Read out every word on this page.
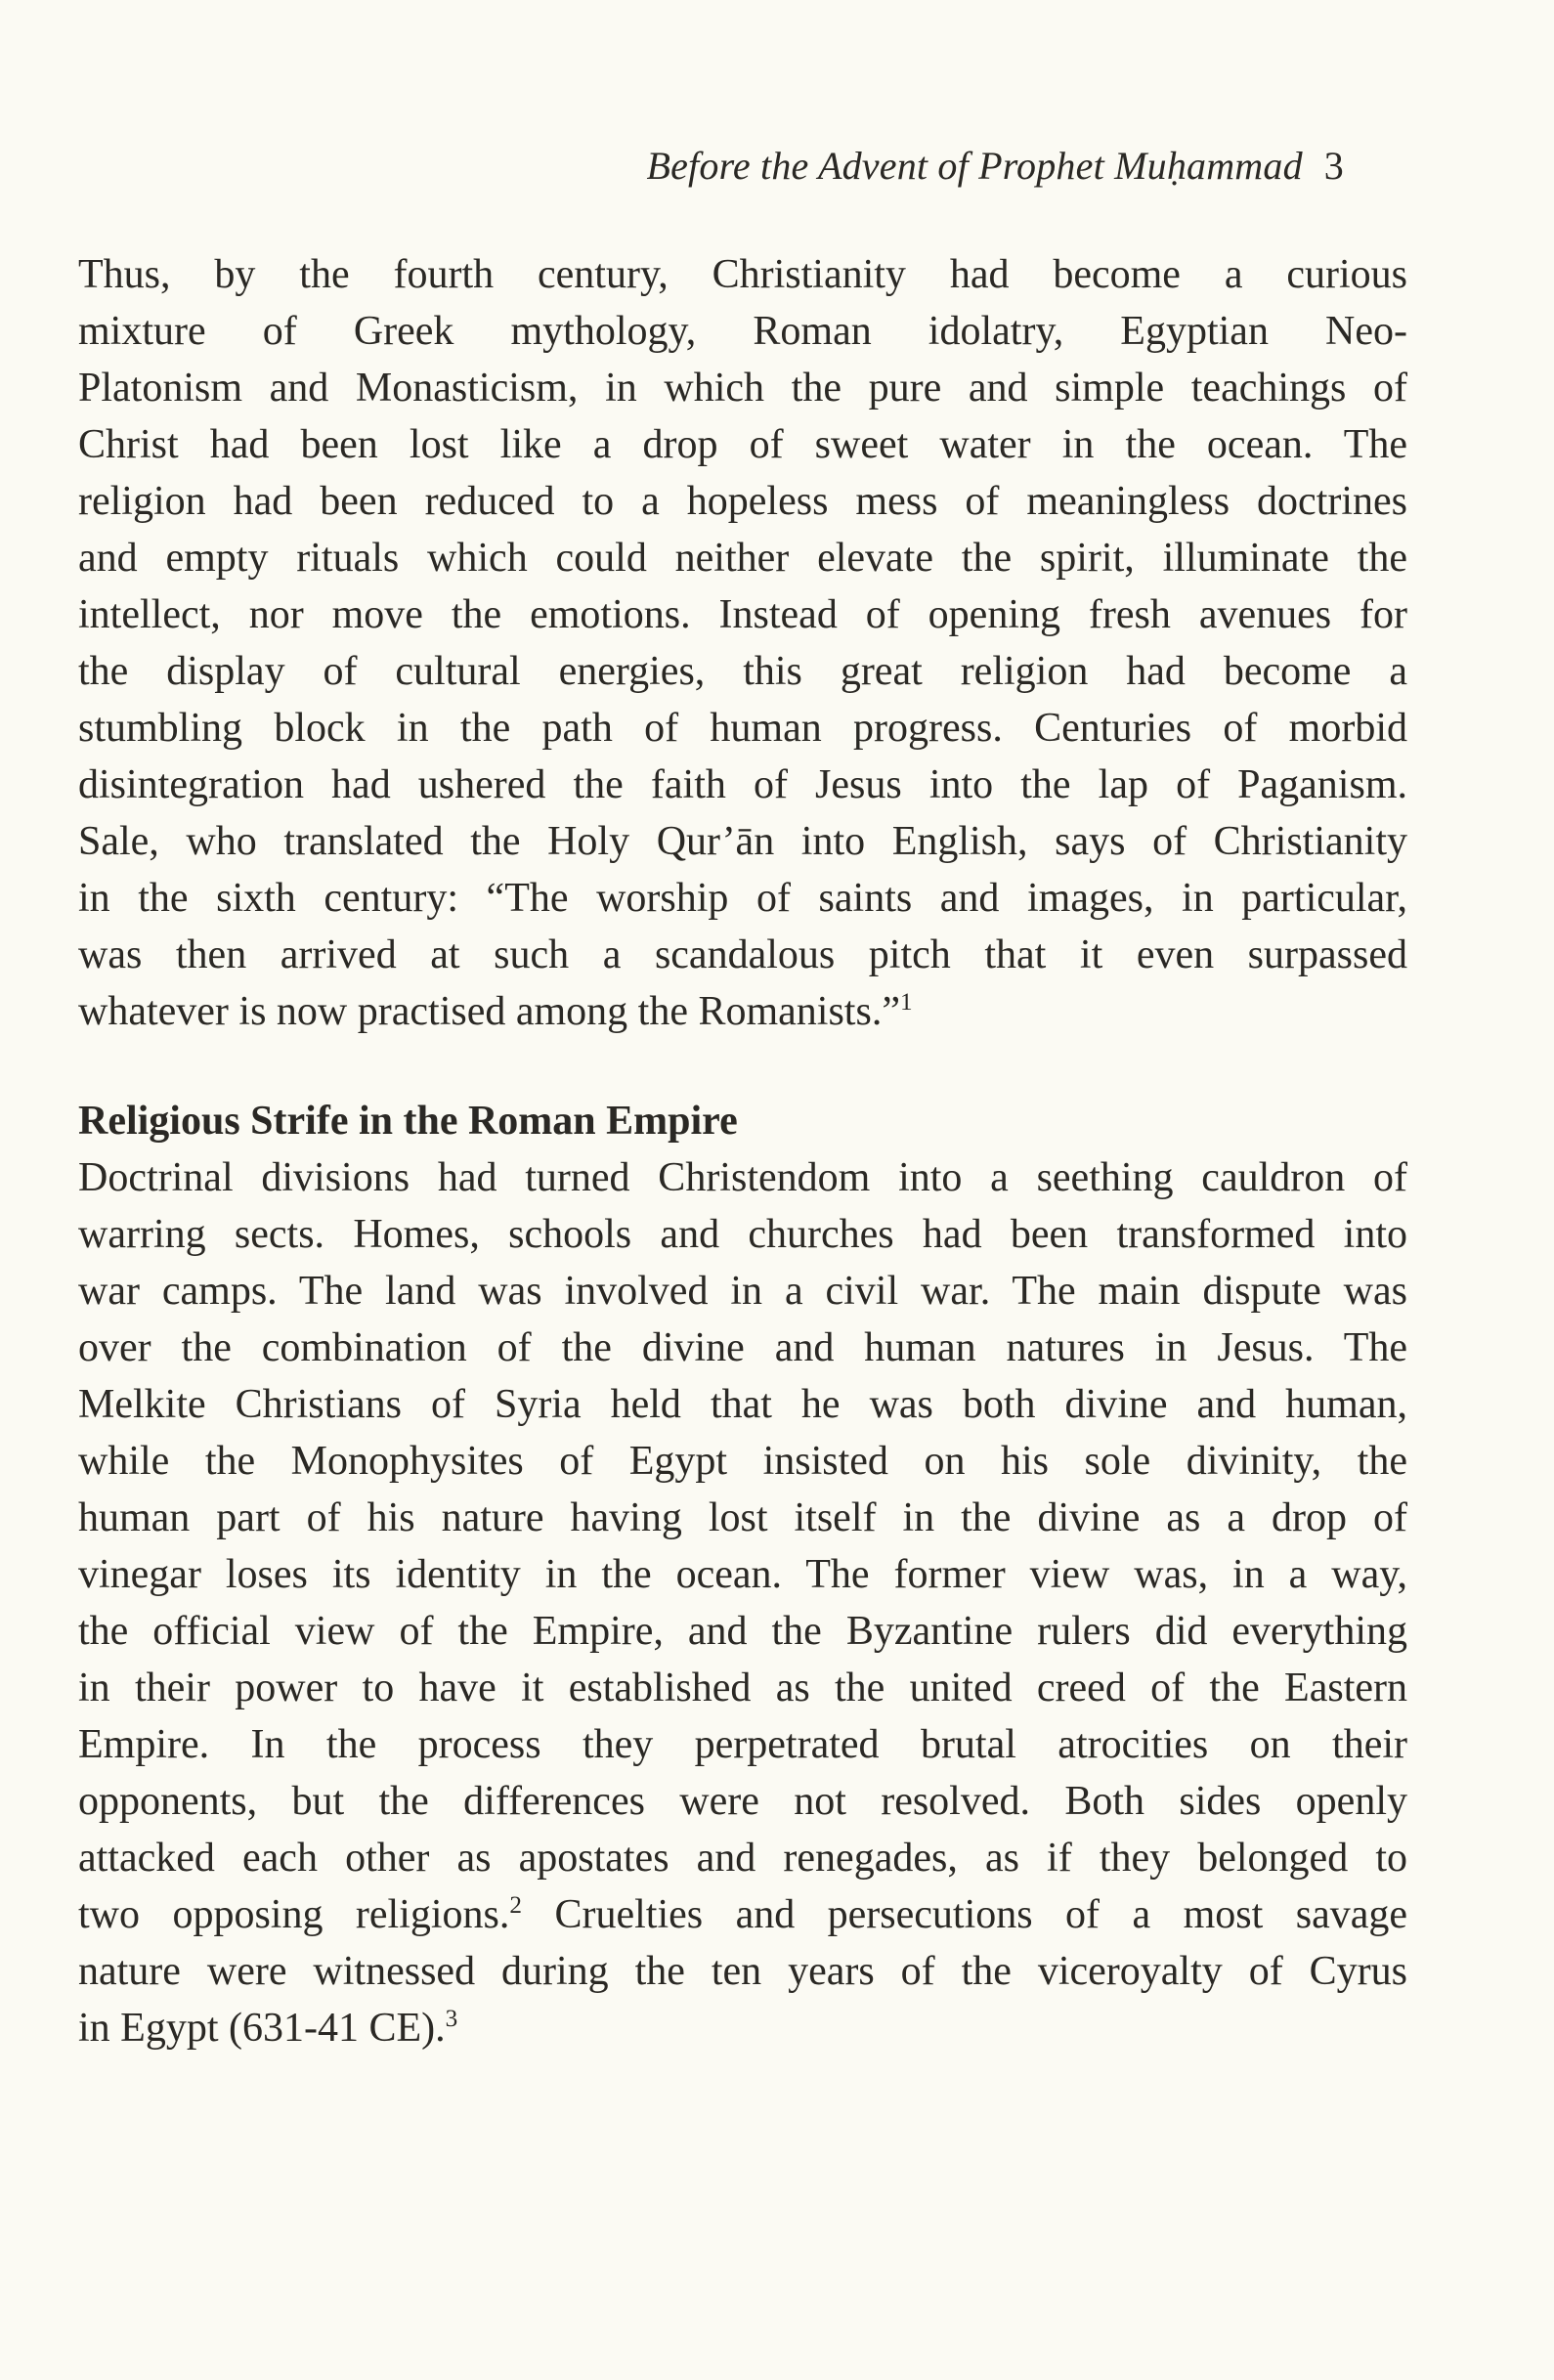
Before the Advent of Prophet Muḥammad 3
Thus, by the fourth century, Christianity had become a curious
mixture of Greek mythology, Roman idolatry, Egyptian Neo-
Platonism and Monasticism, in which the pure and simple teachings of
Christ had been lost like a drop of sweet water in the ocean. The
religion had been reduced to a hopeless mess of meaningless doctrines
and empty rituals which could neither elevate the spirit, illuminate the
intellect, nor move the emotions. Instead of opening fresh avenues for
the display of cultural energies, this great religion had become a
stumbling block in the path of human progress. Centuries of morbid
disintegration had ushered the faith of Jesus into the lap of Paganism.
Sale, who translated the Holy Qur’ān into English, says of Christianity
in the sixth century: “The worship of saints and images, in particular,
was then arrived at such a scandalous pitch that it even surpassed
whatever is now practised among the Romanists.”$^1$
Religious Strife in the Roman Empire
Doctrinal divisions had turned Christendom into a seething cauldron of
warring sects. Homes, schools and churches had been transformed into
war camps. The land was involved in a civil war. The main dispute was
over the combination of the divine and human natures in Jesus. The
Melkite Christians of Syria held that he was both divine and human,
while the Monophysites of Egypt insisted on his sole divinity, the
human part of his nature having lost itself in the divine as a drop of
vinegar loses its identity in the ocean. The former view was, in a way,
the official view of the Empire, and the Byzantine rulers did everything
in their power to have it established as the united creed of the Eastern
Empire. In the process they perpetrated brutal atrocities on their
opponents, but the differences were not resolved. Both sides openly
attacked each other as apostates and renegades, as if they belonged to
two opposing religions.$^2$ Cruelties and persecutions of a most savage
nature were witnessed during the ten years of the viceroyalty of Cyrus
in Egypt (631-41 CE).$^3$
